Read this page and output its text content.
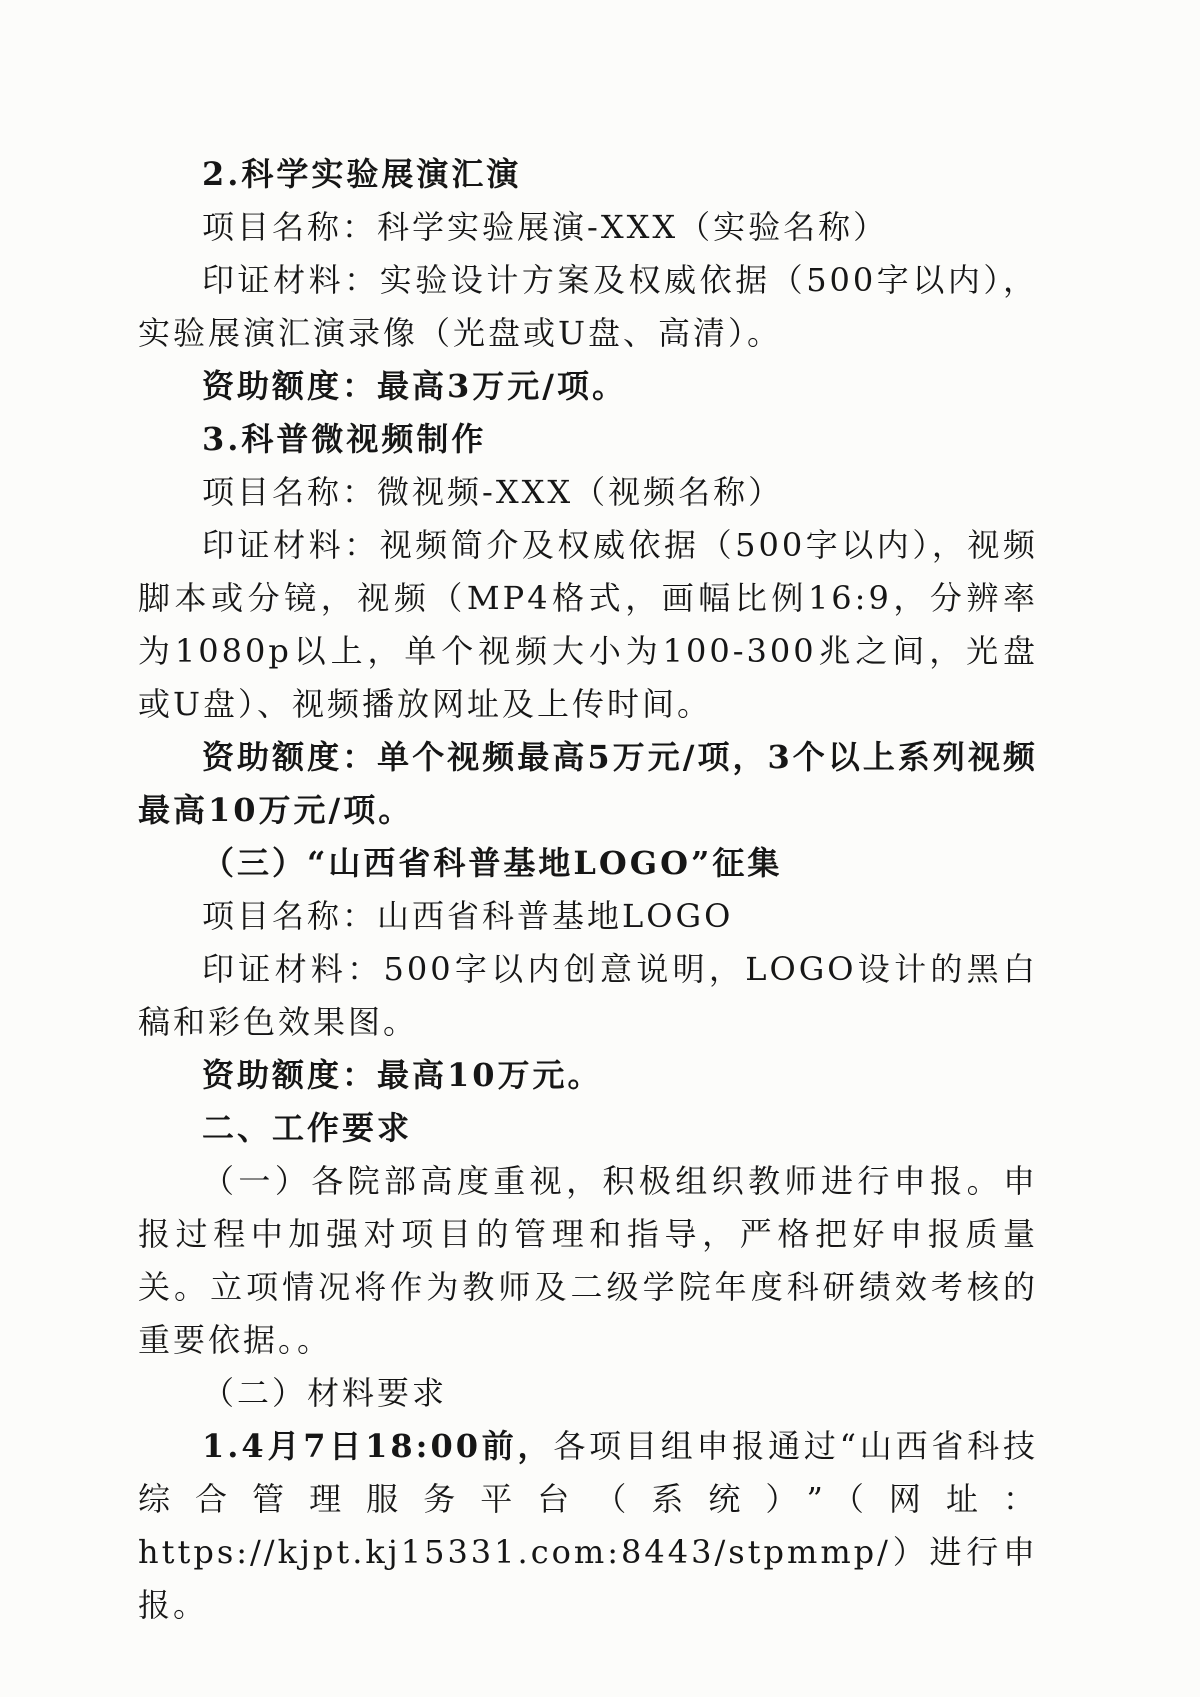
2.科学实验展演汇演

项目名称：科学实验展演-XXX（实验名称）

印证材料：实验设计方案及权威依据（500字以内），实验展演汇演录像（光盘或U盘、高清）。

资助额度：最高3万元/项。

3.科普微视频制作

项目名称：微视频-XXX（视频名称）

印证材料：视频简介及权威依据（500字以内），视频脚本或分镜，视频（MP4格式，画幅比例16:9，分辨率为1080p以上，单个视频大小为100-300兆之间，光盘或U盘）、视频播放网址及上传时间。

资助额度：单个视频最高5万元/项，3个以上系列视频最高10万元/项。

（三）“山西省科普基地LOGO”征集

项目名称：山西省科普基地LOGO

印证材料：500字以内创意说明，LOGO设计的黑白稿和彩色效果图。

资助额度：最高10万元。

二、工作要求

（一）各院部高度重视，积极组织教师进行申报。申报过程中加强对项目的管理和指导，严格把好申报质量关。立项情况将作为教师及二级学院年度科研绩效考核的重要依据。。

（二）材料要求

1.4月7日18:00前，各项目组申报通过“山西省科技综合管理服务平台（系统）”（网址：https://kjpt.kj15331.com:8443/stpmmp/）进行申报。
